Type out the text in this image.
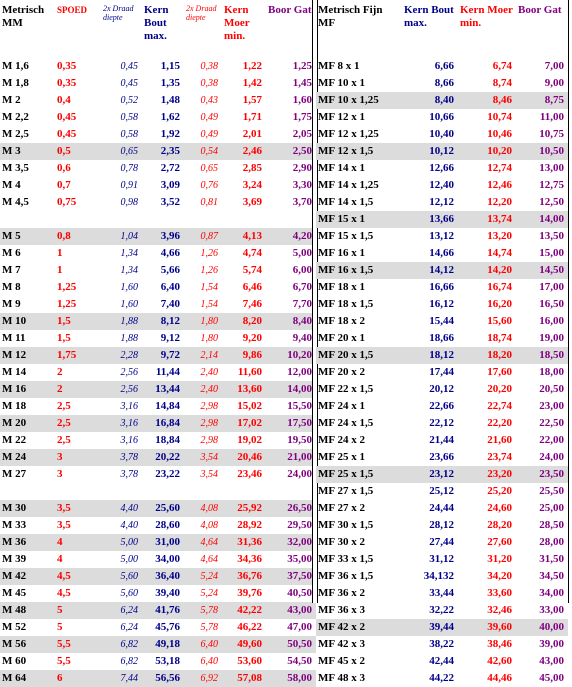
Metrisch MM	SPOED	2x Draad diepte	Kern Bout max.	2x Draad diepte	Kern Moer min.	Boor Gat
M 1,6	0,35	0,45	1,15	0,38	1,22	1,25
M 1,8	0,35	0,45	1,35	0,38	1,42	1,45
M 2	0,4	0,52	1,48	0,43	1,57	1,60
M 2,2	0,45	0,58	1,62	0,49	1,71	1,75
M 2,5	0,45	0,58	1,92	0,49	2,01	2,05
M 3	0,5	0,65	2,35	0,54	2,46	2,50
M 3,5	0,6	0,78	2,72	0,65	2,85	2,90
M 4	0,7	0,91	3,09	0,76	3,24	3,30
M 4,5	0,75	0,98	3,52	0,81	3,69	3,70

M 5	0,8	1,04	3,96	0,87	4,13	4,20
M 6	1	1,34	4,66	1,26	4,74	5,00
M 7	1	1,34	5,66	1,26	5,74	6,00
M 8	1,25	1,60	6,40	1,54	6,46	6,70
M 9	1,25	1,60	7,40	1,54	7,46	7,70
M 10	1,5	1,88	8,12	1,80	8,20	8,40
M 11	1,5	1,88	9,12	1,80	9,20	9,40
M 12	1,75	2,28	9,72	2,14	9,86	10,20
M 14	2	2,56	11,44	2,40	11,60	12,00
M 16	2	2,56	13,44	2,40	13,60	14,00
M 18	2,5	3,16	14,84	2,98	15,02	15,50
M 20	2,5	3,16	16,84	2,98	17,02	17,50
M 22	2,5	3,16	18,84	2,98	19,02	19,50
M 24	3	3,78	20,22	3,54	20,46	21,00
M 27	3	3,78	23,22	3,54	23,46	24,00

M 30	3,5	4,40	25,60	4,08	25,92	26,50
M 33	3,5	4,40	28,60	4,08	28,92	29,50
M 36	4	5,00	31,00	4,64	31,36	32,00
M 39	4	5,00	34,00	4,64	34,36	35,00
M 42	4,5	5,60	36,40	5,24	36,76	37,50
M 45	4,5	5,60	39,40	5,24	39,76	40,50
M 48	5	6,24	41,76	5,78	42,22	43,00
M 52	5	6,24	45,76	5,78	46,22	47,00
M 56	5,5	6,82	49,18	6,40	49,60	50,50
M 60	5,5	6,82	53,18	6,40	53,60	54,50
M 64	6	7,44	56,56	6,92	57,08	58,00
Metrisch Fijn MF	Kern Bout max.	Kern Moer min.	Boor Gat
MF 8 x 1	6,66	6,74	7,00
MF 10 x 1	8,66	8,74	9,00
MF 10 x 1,25	8,40	8,46	8,75
MF 12 x 1	10,66	10,74	11,00
MF 12 x 1,25	10,40	10,46	10,75
MF 12 x 1,5	10,12	10,20	10,50
MF 14 x 1	12,66	12,74	13,00
MF 14 x 1,25	12,40	12,46	12,75
MF 14 x 1,5	12,12	12,20	12,50
MF 15 x 1	13,66	13,74	14,00
MF 15 x 1,5	13,12	13,20	13,50
MF 16 x 1	14,66	14,74	15,00
MF 16 x 1,5	14,12	14,20	14,50
MF 18 x 1	16,66	16,74	17,00
MF 18 x 1,5	16,12	16,20	16,50
MF 18 x 2	15,44	15,60	16,00
MF 20 x 1	18,66	18,74	19,00
MF 20 x 1,5	18,12	18,20	18,50
MF 20 x 2	17,44	17,60	18,00
MF 22 x 1,5	20,12	20,20	20,50
MF 24 x 1	22,66	22,74	23,00
MF 24 x 1,5	22,12	22,20	22,50
MF 24 x 2	21,44	21,60	22,00
MF 25 x 1	23,66	23,74	24,00
MF 25 x 1,5	23,12	23,20	23,50
MF 27 x 1,5	25,12	25,20	25,50
MF 27 x 2	24,44	24,60	25,00
MF 30 x 1,5	28,12	28,20	28,50
MF 30 x 2	27,44	27,60	28,00
MF 33 x 1,5	31,12	31,20	31,50
MF 36 x 1,5	34,132	34,20	34,50
MF 36 x 2	33,44	33,60	34,00
MF 36 x 3	32,22	32,46	33,00
MF 42 x 2	39,44	39,60	40,00
MF 42 x 3	38,22	38,46	39,00
MF 45 x 2	42,44	42,60	43,00
MF 48 x 3	44,22	44,46	45,00
